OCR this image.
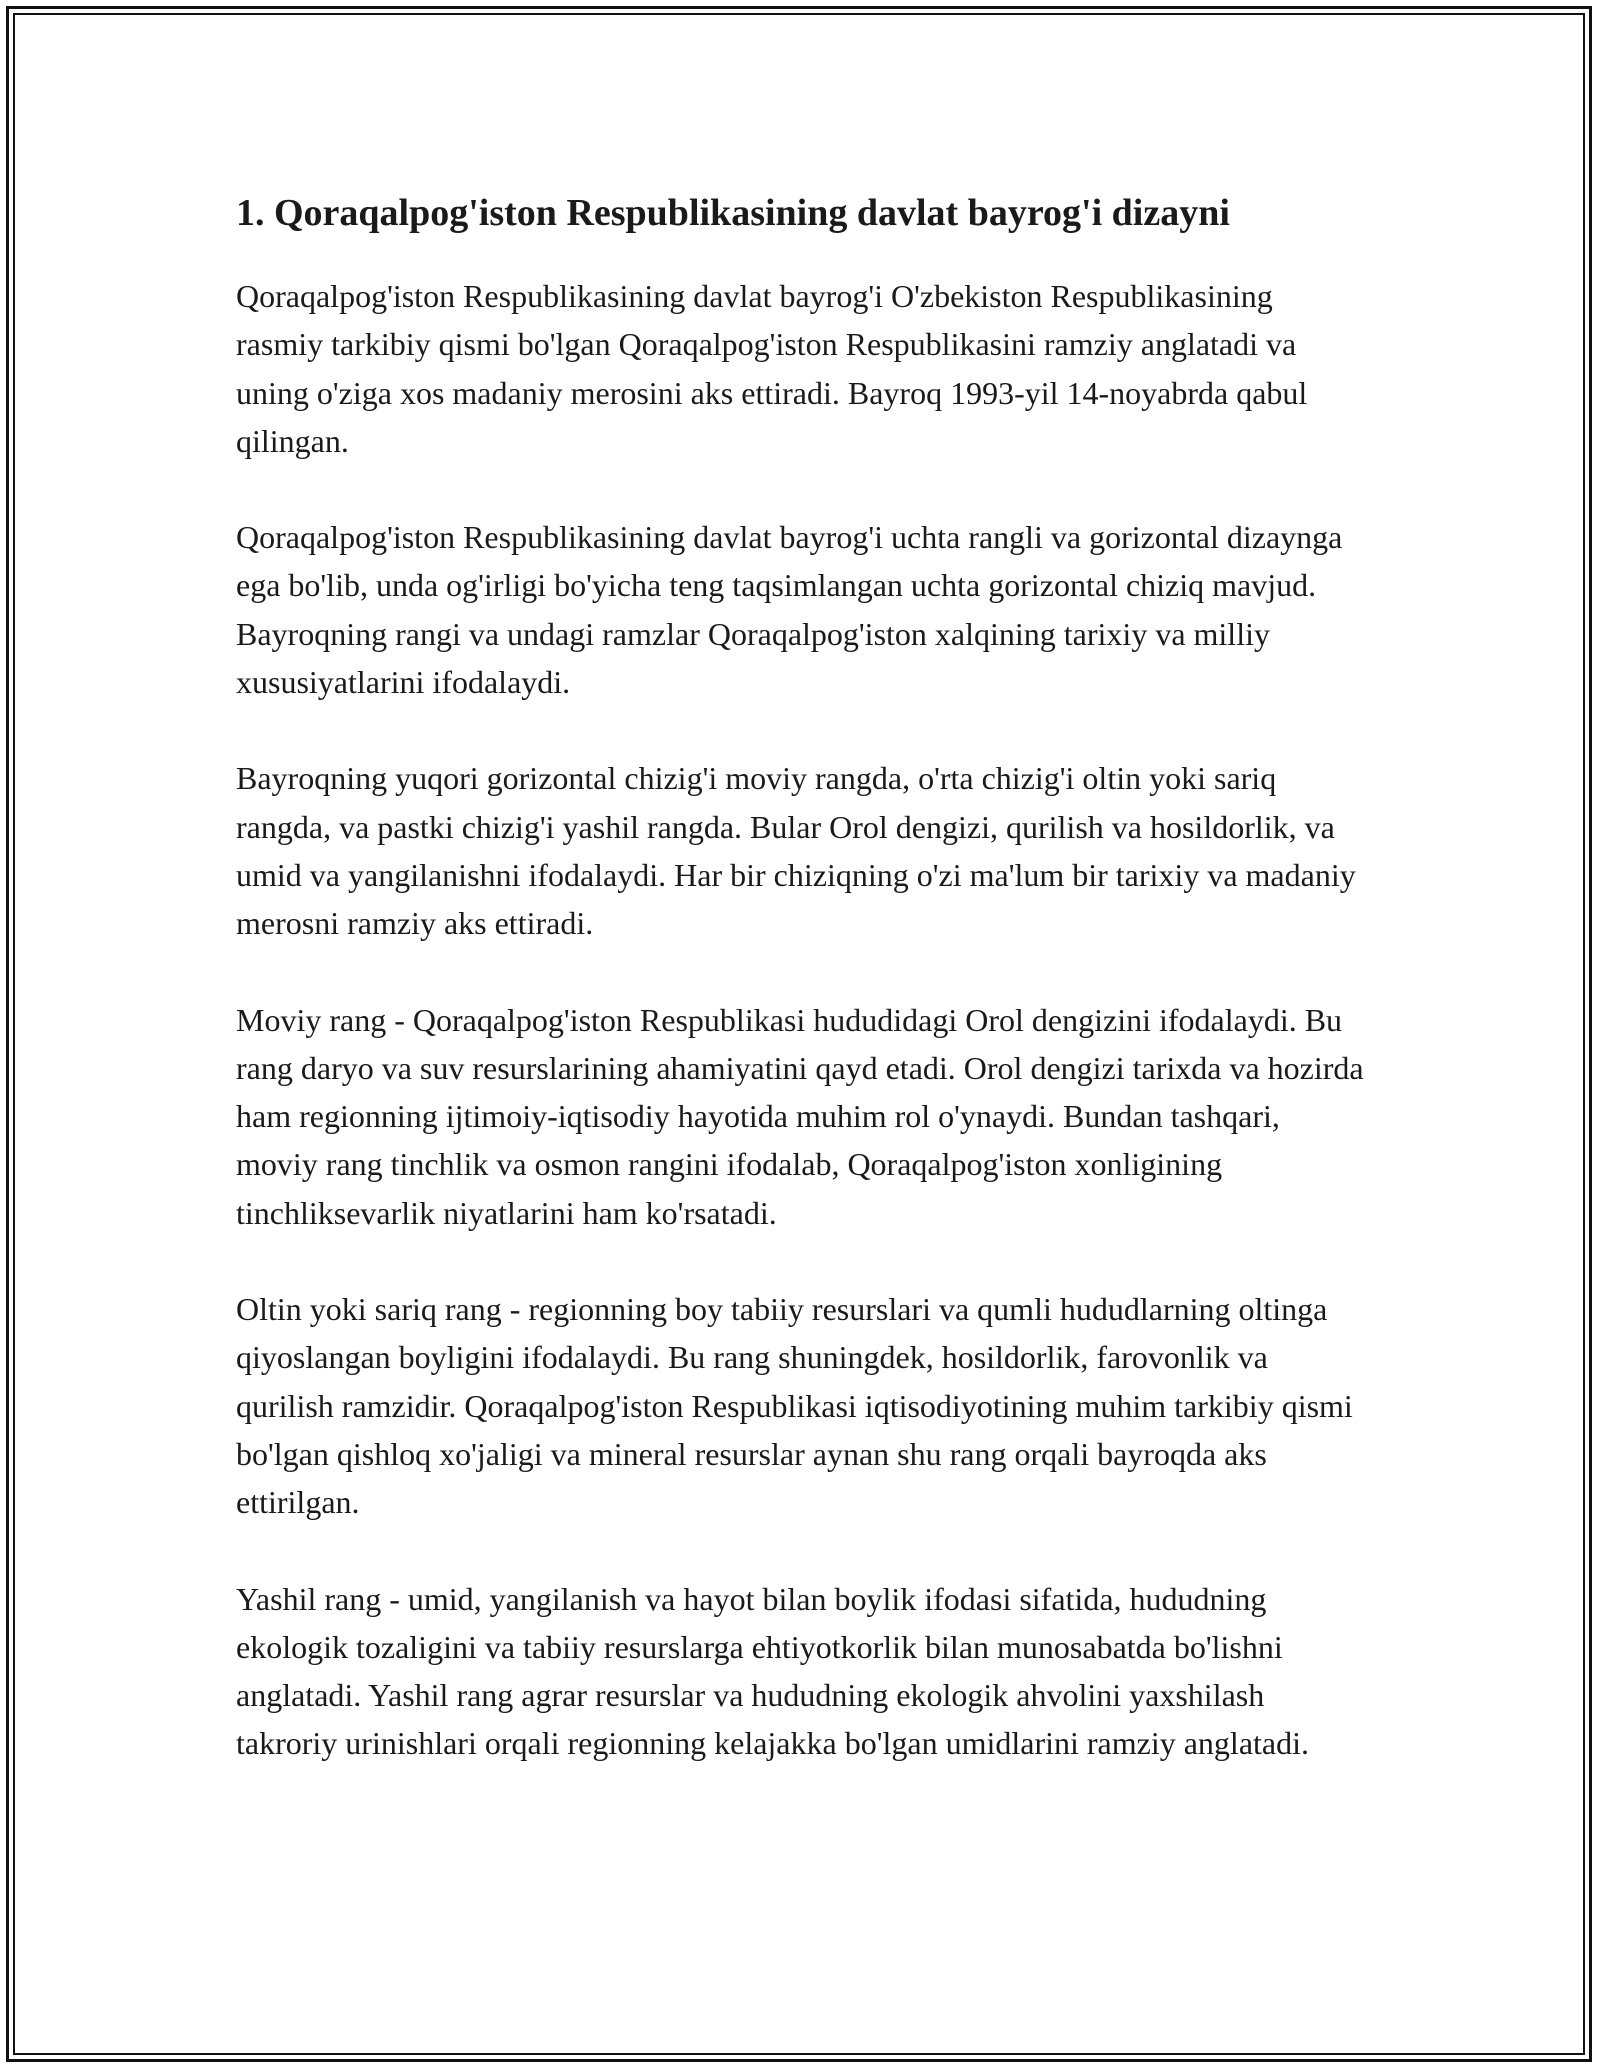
1. Qoraqalpog'iston Respublikasining davlat bayrog'i dizayni

Qoraqalpog'iston Respublikasining davlat bayrog'i O'zbekiston Respublikasining rasmiy tarkibiy qismi bo'lgan Qoraqalpog'iston Respublikasini ramziy anglatadi va uning o'ziga xos madaniy merosini aks ettiradi. Bayroq 1993-yil 14-noyabrda qabul qilingan.

Qoraqalpog'iston Respublikasining davlat bayrog'i uchta rangli va gorizontal dizaynga ega bo'lib, unda og'irligi bo'yicha teng taqsimlangan uchta gorizontal chiziq mavjud. Bayroqning rangi va undagi ramzlar Qoraqalpog'iston xalqining tarixiy va milliy xususiyatlarini ifodalaydi.

Bayroqning yuqori gorizontal chizig'i moviy rangda, o'rta chizig'i oltin yoki sariq rangda, va pastki chizig'i yashil rangda. Bular Orol dengizi, qurilish va hosildorlik, va umid va yangilanishni ifodalaydi. Har bir chiziqning o'zi ma'lum bir tarixiy va madaniy merosni ramziy aks ettiradi.

Moviy rang - Qoraqalpog'iston Respublikasi hududidagi Orol dengizini ifodalaydi. Bu rang daryo va suv resurslarining ahamiyatini qayd etadi. Orol dengizi tarixda va hozirda ham regionning ijtimoiy-iqtisodiy hayotida muhim rol o'ynaydi. Bundan tashqari, moviy rang tinchlik va osmon rangini ifodalab, Qoraqalpog'iston xonligining tinchliksevarlik niyatlarini ham ko'rsatadi.

Oltin yoki sariq rang - regionning boy tabiiy resurslari va qumli hududlarning oltinga qiyoslangan boyligini ifodalaydi. Bu rang shuningdek, hosildorlik, farovonlik va qurilish ramzidir. Qoraqalpog'iston Respublikasi iqtisodiyotining muhim tarkibiy qismi bo'lgan qishloq xo'jaligi va mineral resurslar aynan shu rang orqali bayroqda aks ettirilgan.

Yashil rang - umid, yangilanish va hayot bilan boylik ifodasi sifatida, hududning ekologik tozaligini va tabiiy resurslarga ehtiyotkorlik bilan munosabatda bo'lishni anglatadi. Yashil rang agrar resurslar va hududning ekologik ahvolini yaxshilash takroriy urinishlari orqali regionning kelajakka bo'lgan umidlarini ramziy anglatadi.
